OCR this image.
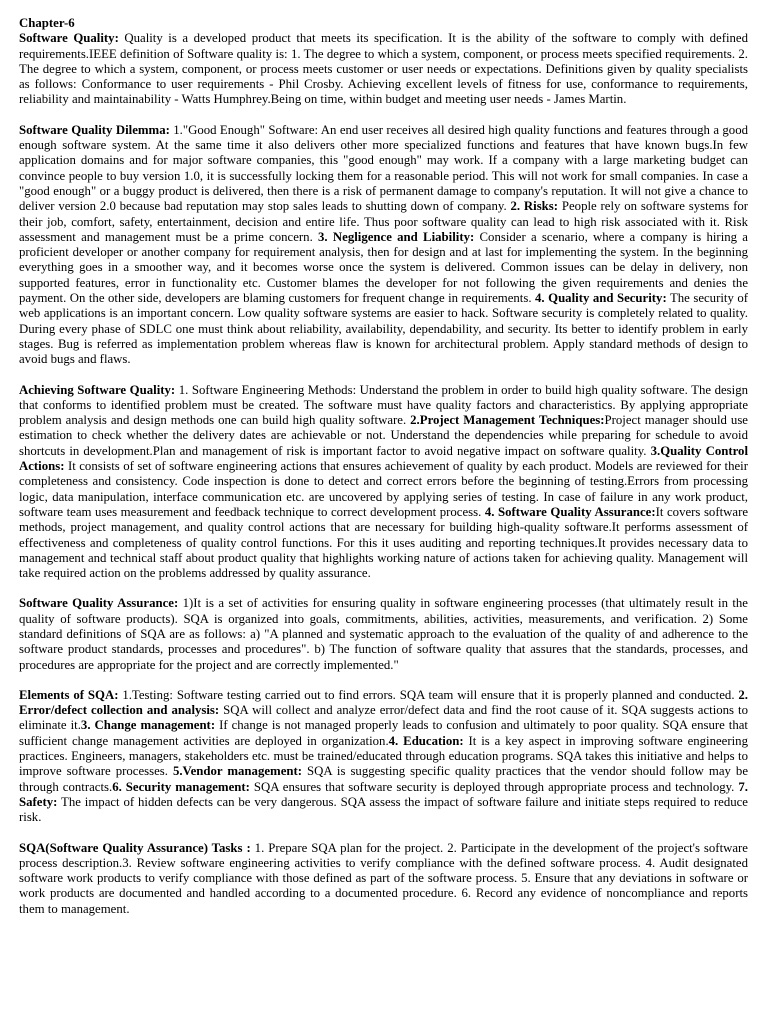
Chapter-6

Software Quality: Quality is a developed product that meets its specification. It is the ability of the software to comply with defined requirements.IEEE definition of Software quality is: 1. The degree to which a system, component, or process meets specified requirements. 2. The degree to which a system, component, or process meets customer or user needs or expectations. Definitions given by quality specialists as follows: Conformance to user requirements - Phil Crosby. Achieving excellent levels of fitness for use, conformance to requirements, reliability and maintainability - Watts Humphrey.Being on time, within budget and meeting user needs - James Martin.

Software Quality Dilemma: 1."Good Enough" Software: An end user receives all desired high quality functions and features through a good enough software system. At the same time it also delivers other more specialized functions and features that have known bugs.In few application domains and for major software companies, this "good enough" may work. If a company with a large marketing budget can convince people to buy version 1.0, it is successfully locking them for a reasonable period. This will not work for small companies. In case a "good enough" or a buggy product is delivered, then there is a risk of permanent damage to company's reputation. It will not give a chance to deliver version 2.0 because bad reputation may stop sales leads to shutting down of company. 2. Risks: People rely on software systems for their job, comfort, safety, entertainment, decision and entire life. Thus poor software quality can lead to high risk associated with it. Risk assessment and management must be a prime concern. 3. Negligence and Liability: Consider a scenario, where a company is hiring a proficient developer or another company for requirement analysis, then for design and at last for implementing the system. In the beginning everything goes in a smoother way, and it becomes worse once the system is delivered. Common issues can be delay in delivery, non supported features, error in functionality etc. Customer blames the developer for not following the given requirements and denies the payment. On the other side, developers are blaming customers for frequent change in requirements. 4. Quality and Security: The security of web applications is an important concern. Low quality software systems are easier to hack. Software security is completely related to quality. During every phase of SDLC one must think about reliability, availability, dependability, and security. Its better to identify problem in early stages. Bug is referred as implementation problem whereas flaw is known for architectural problem. Apply standard methods of design to avoid bugs and flaws.

Achieving Software Quality: 1. Software Engineering Methods: Understand the problem in order to build high quality software. The design that conforms to identified problem must be created. The software must have quality factors and characteristics. By applying appropriate problem analysis and design methods one can build high quality software. 2.Project Management Techniques:Project manager should use estimation to check whether the delivery dates are achievable or not. Understand the dependencies while preparing for schedule to avoid shortcuts in development.Plan and management of risk is important factor to avoid negative impact on software quality. 3.Quality Control Actions: It consists of set of software engineering actions that ensures achievement of quality by each product. Models are reviewed for their completeness and consistency. Code inspection is done to detect and correct errors before the beginning of testing.Errors from processing logic, data manipulation, interface communication etc. are uncovered by applying series of testing. In case of failure in any work product, software team uses measurement and feedback technique to correct development process. 4. Software Quality Assurance:It covers software methods, project management, and quality control actions that are necessary for building high-quality software.It performs assessment of effectiveness and completeness of quality control functions. For this it uses auditing and reporting techniques.It provides necessary data to management and technical staff about product quality that highlights working nature of actions taken for achieving quality. Management will take required action on the problems addressed by quality assurance.

Software Quality Assurance: 1)It is a set of activities for ensuring quality in software engineering processes (that ultimately result in the quality of software products). SQA is organized into goals, commitments, abilities, activities, measurements, and verification. 2) Some standard definitions of SQA are as follows: a) "A planned and systematic approach to the evaluation of the quality of and adherence to the software product standards, processes and procedures". b) The function of software quality that assures that the standards, processes, and procedures are appropriate for the project and are correctly implemented."

Elements of SQA: 1.Testing: Software testing carried out to find errors. SQA team will ensure that it is properly planned and conducted. 2. Error/defect collection and analysis: SQA will collect and analyze error/defect data and find the root cause of it. SQA suggests actions to eliminate it.3. Change management: If change is not managed properly leads to confusion and ultimately to poor quality. SQA ensure that sufficient change management activities are deployed in organization.4. Education: It is a key aspect in improving software engineering practices. Engineers, managers, stakeholders etc. must be trained/educated through education programs. SQA takes this initiative and helps to improve software processes. 5.Vendor management: SQA is suggesting specific quality practices that the vendor should follow may be through contracts.6. Security management: SQA ensures that software security is deployed through appropriate process and technology. 7. Safety: The impact of hidden defects can be very dangerous. SQA assess the impact of software failure and initiate steps required to reduce risk.

SQA(Software Quality Assurance) Tasks : 1. Prepare SQA plan for the project. 2. Participate in the development of the project's software process description.3. Review software engineering activities to verify compliance with the defined software process. 4. Audit designated software work products to verify compliance with those defined as part of the software process. 5. Ensure that any deviations in software or work products are documented and handled according to a documented procedure. 6. Record any evidence of noncompliance and reports them to management.
